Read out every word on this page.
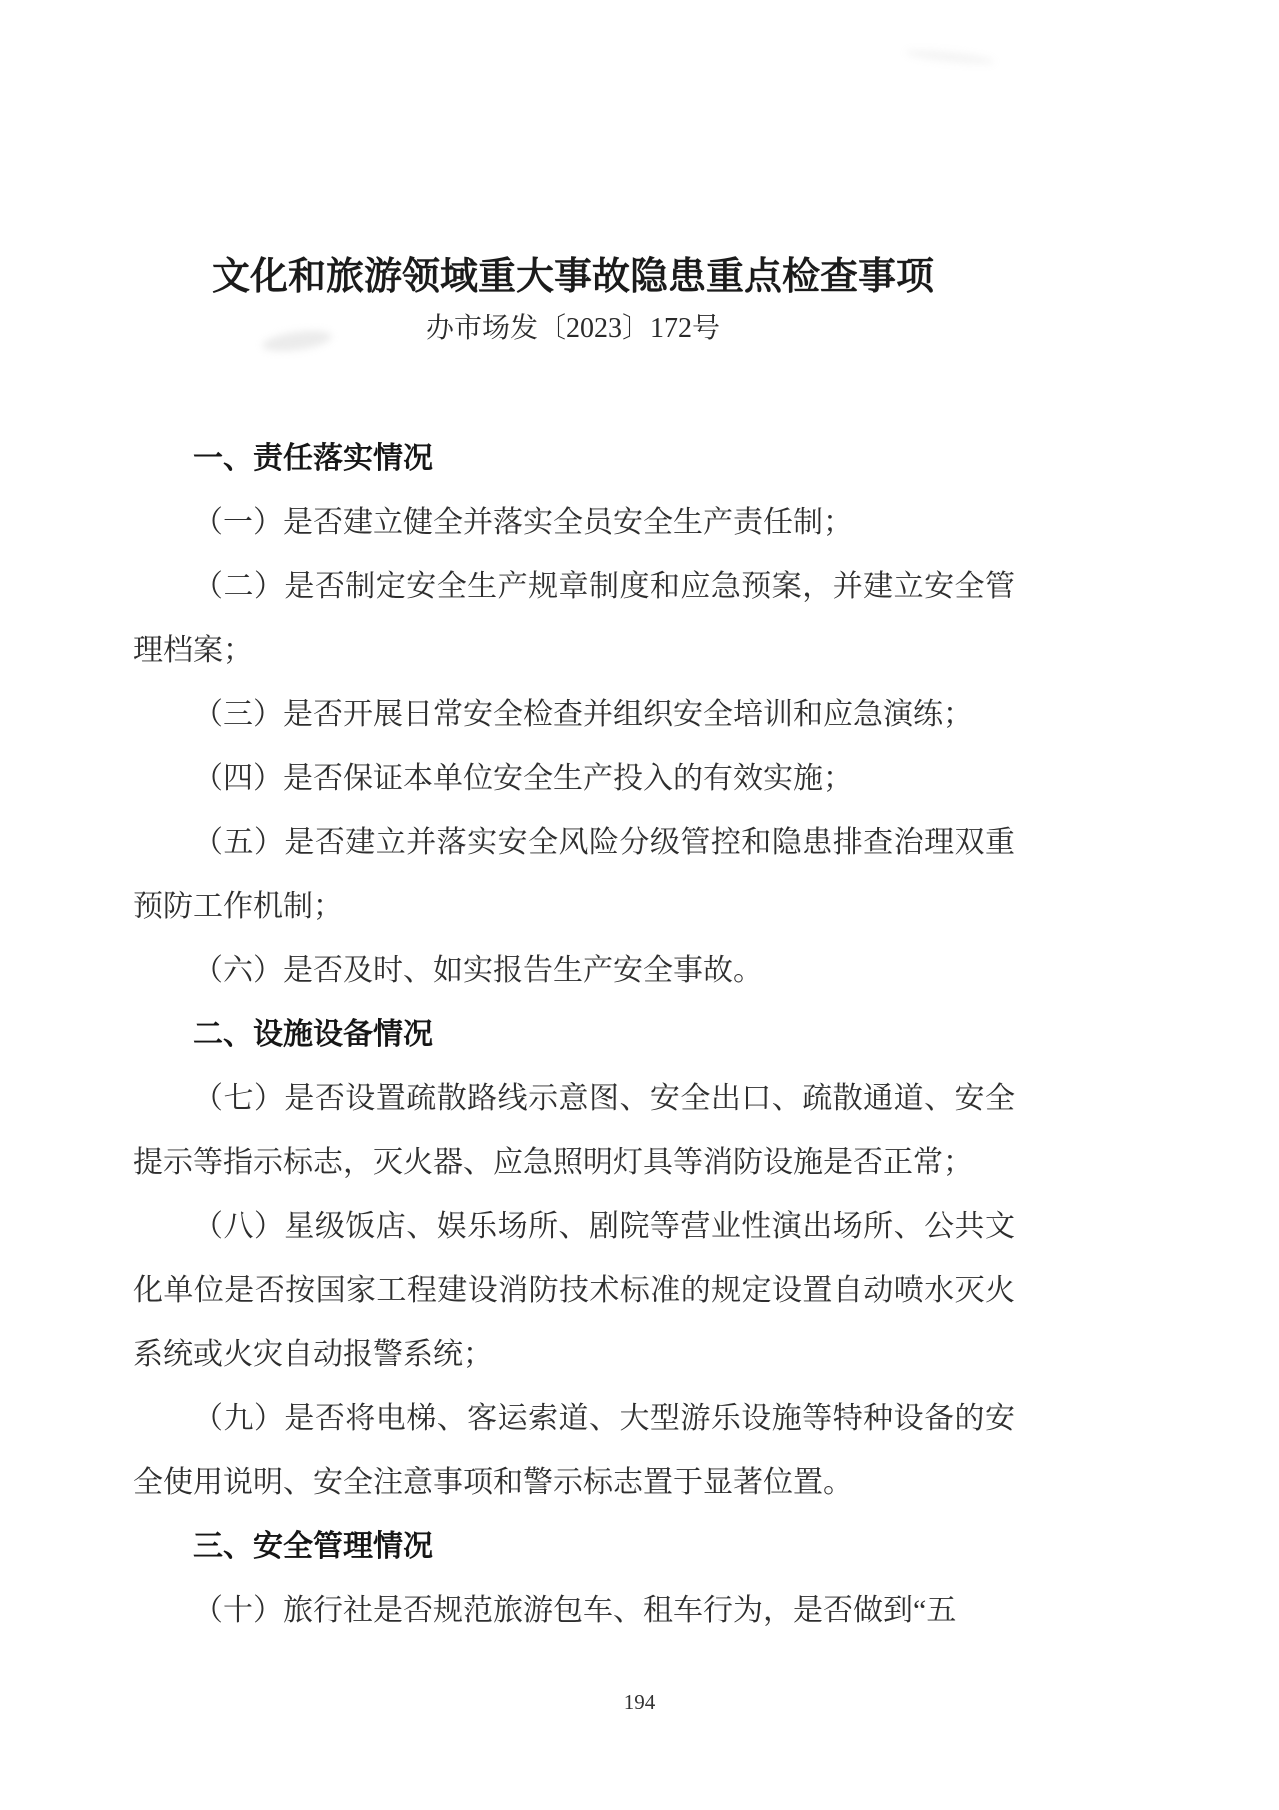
文化和旅游领域重大事故隐患重点检查事项
办市场发〔2023〕172号

一、责任落实情况

（一）是否建立健全并落实全员安全生产责任制；

（二）是否制定安全生产规章制度和应急预案，并建立安全管理档案；

（三）是否开展日常安全检查并组织安全培训和应急演练；

（四）是否保证本单位安全生产投入的有效实施；

（五）是否建立并落实安全风险分级管控和隐患排查治理双重预防工作机制；

（六）是否及时、如实报告生产安全事故。

二、设施设备情况

（七）是否设置疏散路线示意图、安全出口、疏散通道、安全提示等指示标志，灭火器、应急照明灯具等消防设施是否正常；

（八）星级饭店、娱乐场所、剧院等营业性演出场所、公共文化单位是否按国家工程建设消防技术标准的规定设置自动喷水灭火系统或火灾自动报警系统；

（九）是否将电梯、客运索道、大型游乐设施等特种设备的安全使用说明、安全注意事项和警示标志置于显著位置。

三、安全管理情况

（十）旅行社是否规范旅游包车、租车行为，是否做到“五

194
